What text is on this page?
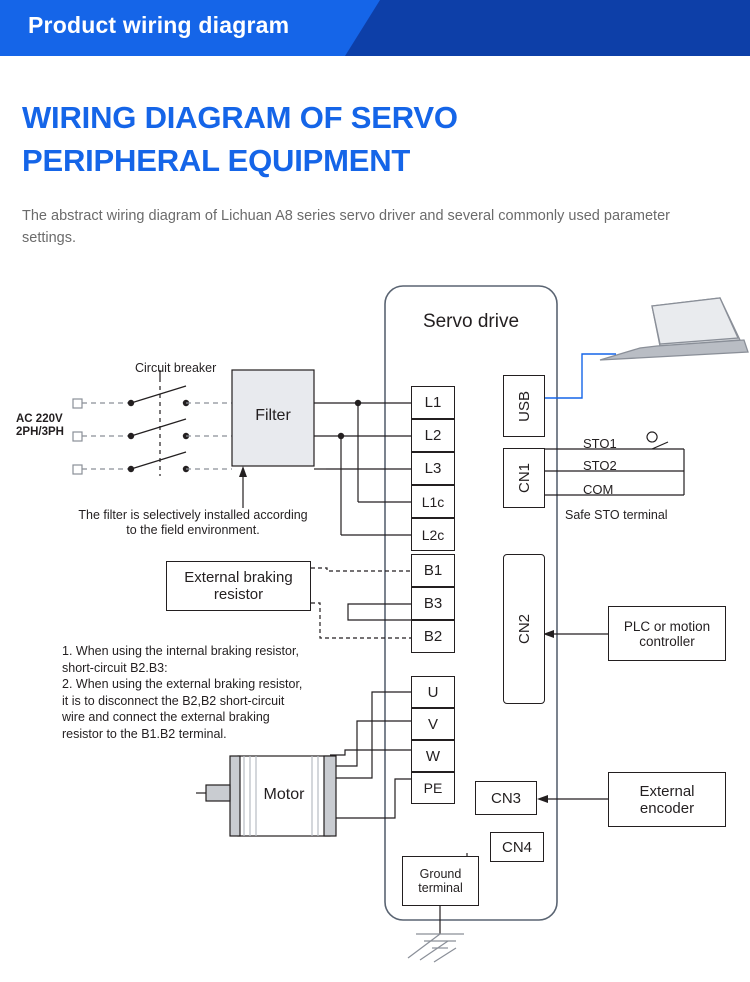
Product wiring diagram
WIRING DIAGRAM OF SERVO
PERIPHERAL EQUIPMENT
The abstract wiring diagram of Lichuan A8 series servo driver and several commonly used parameter settings.
Circuit breaker
AC 220V
2PH/3PH
Filter
The filter is selectively installed according
to the field environment.
Servo drive
L1
L2
L3
L1c
L2c
B1
B3
B2
U
V
W
PE
USB
CN1
CN2
CN3
CN4
Ground
terminal
STO1
STO2
COM
Safe STO terminal
External braking
resistor
1. When using the internal braking resistor,
short-circuit B2.B3:
2. When using the external braking resistor,
it is to disconnect the B2,B2 short-circuit
wire and connect the external braking
resistor to the B1.B2 terminal.
Motor
PLC or motion
controller
External
encoder
